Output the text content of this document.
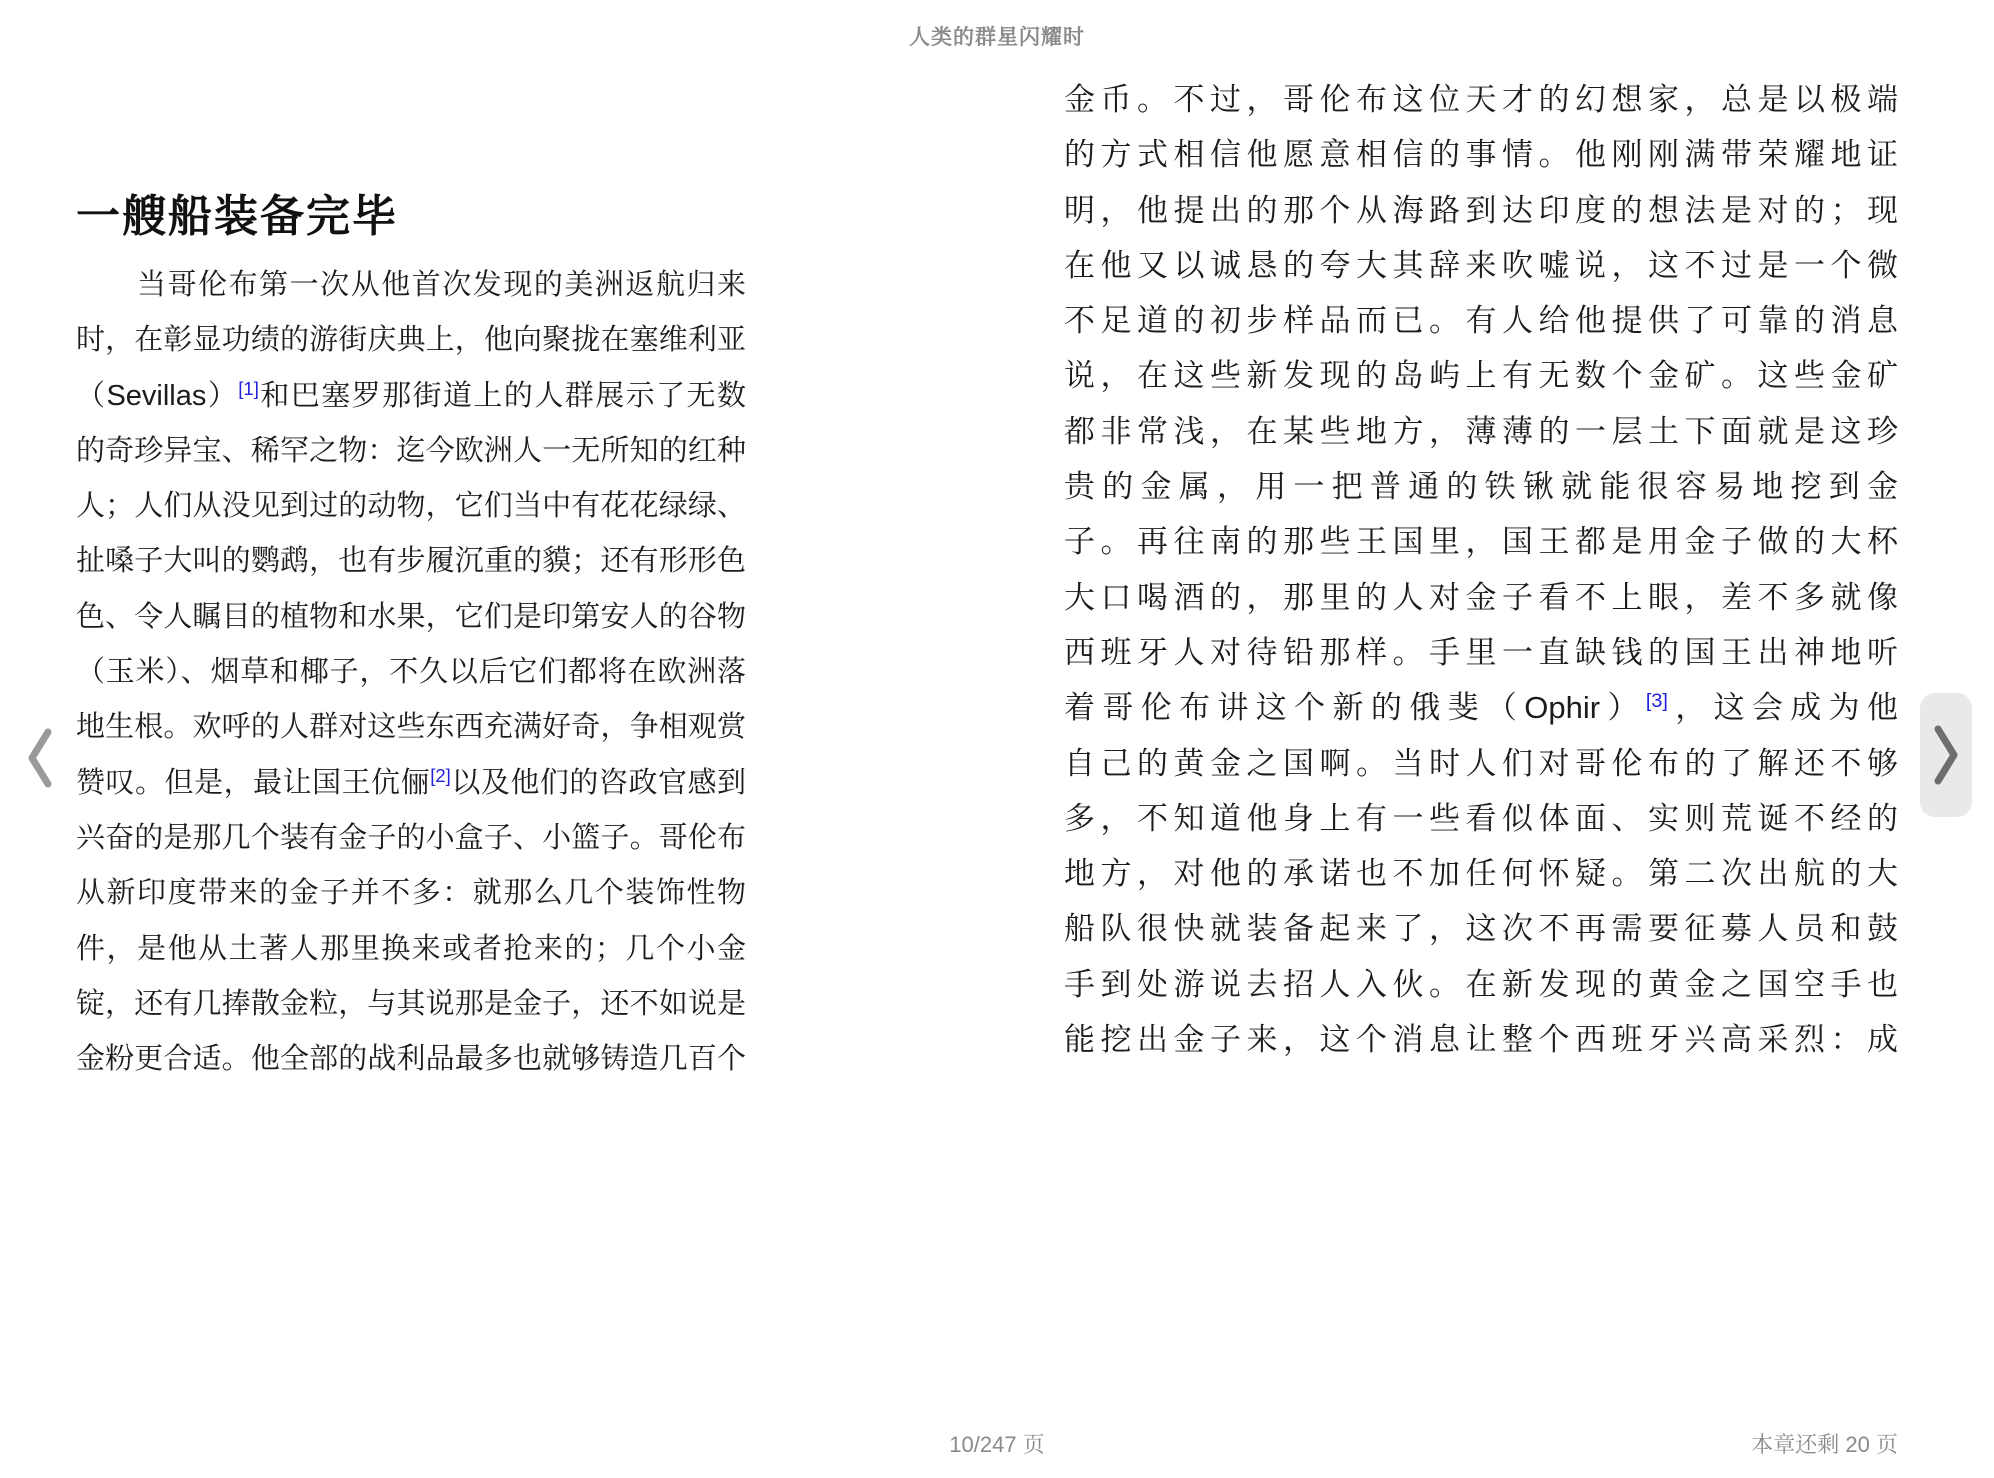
人类的群星闪耀时
一艘船装备完毕
　　当哥伦布第一次从他首次发现的美洲返航归来
时，在彰显功绩的游街庆典上，他向聚拢在塞维利亚
（Sevillas）[1]和巴塞罗那街道上的人群展示了无数
的奇珍异宝、稀罕之物：迄今欧洲人一无所知的红种
人；人们从没见到过的动物，它们当中有花花绿绿、
扯嗓子大叫的鹦鹉，也有步履沉重的貘；还有形形色
色、令人瞩目的植物和水果，它们是印第安人的谷物
（玉米）、烟草和椰子，不久以后它们都将在欧洲落
地生根。欢呼的人群对这些东西充满好奇，争相观赏
赞叹。但是，最让国王伉俪[2]以及他们的咨政官感到
兴奋的是那几个装有金子的小盒子、小篮子。哥伦布
从新印度带来的金子并不多：就那么几个装饰性物
件，是他从土著人那里换来或者抢来的；几个小金
锭，还有几捧散金粒，与其说那是金子，还不如说是
金粉更合适。他全部的战利品最多也就够铸造几百个
金币。不过，哥伦布这位天才的幻想家，总是以极端
的方式相信他愿意相信的事情。他刚刚满带荣耀地证
明，他提出的那个从海路到达印度的想法是对的；现
在他又以诚恳的夸大其辞来吹嘘说，这不过是一个微
不足道的初步样品而已。有人给他提供了可靠的消息
说，在这些新发现的岛屿上有无数个金矿。这些金矿
都非常浅，在某些地方，薄薄的一层土下面就是这珍
贵的金属，用一把普通的铁锹就能很容易地挖到金
子。再往南的那些王国里，国王都是用金子做的大杯
大口喝酒的，那里的人对金子看不上眼，差不多就像
西班牙人对待铅那样。手里一直缺钱的国王出神地听
着哥伦布讲这个新的俄斐（Ophir）[3]，这会成为他
自己的黄金之国啊。当时人们对哥伦布的了解还不够
多，不知道他身上有一些看似体面、实则荒诞不经的
地方，对他的承诺也不加任何怀疑。第二次出航的大
船队很快就装备起来了，这次不再需要征募人员和鼓
手到处游说去招人入伙。在新发现的黄金之国空手也
能挖出金子来，这个消息让整个西班牙兴高采烈：成
10/247 页	本章还剩 20 页
